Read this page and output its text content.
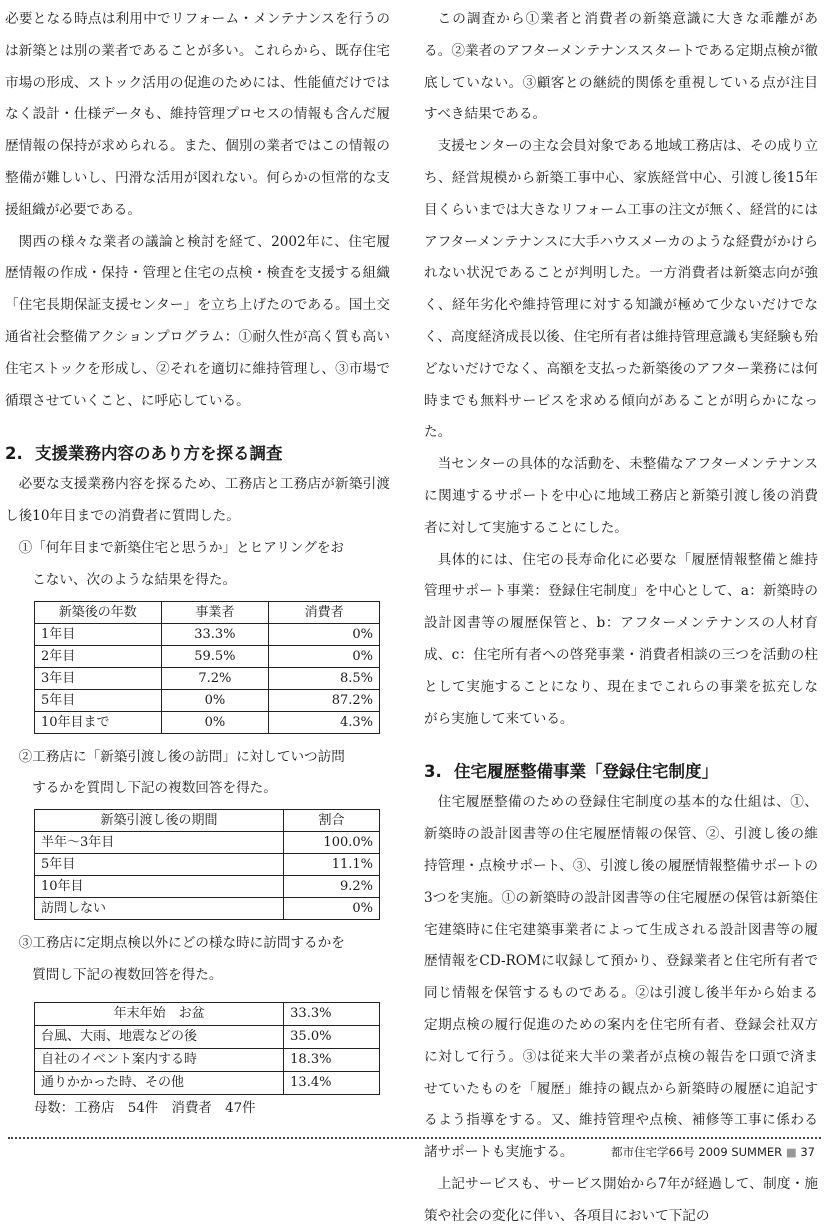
必要となる時点は利用中でリフォーム・メンテナンスを行うのは新築とは別の業者であることが多い。これらから、既存住宅市場の形成、ストック活用の促進のためには、性能値だけではなく設計・仕様データも、維持管理プロセスの情報も含んだ履歴情報の保持が求められる。また、個別の業者ではこの情報の整備が難しいし、円滑な活用が図れない。何らかの恒常的な支援組織が必要である。

関西の様々な業者の議論と検討を経て、2002年に、住宅履歴情報の作成・保持・管理と住宅の点検・検査を支援する組織「住宅長期保証支援センター」を立ち上げたのである。国土交通省社会整備アクションプログラム：①耐久性が高く質も高い住宅ストックを形成し、②それを適切に維持管理し、③市場で循環させていくこと、に呼応している。

2. 支援業務内容のあり方を探る調査

必要な支援業務内容を探るため、工務店と工務店が新築引渡し後10年目までの消費者に質問した。

①「何年目まで新築住宅と思うか」とヒアリングをお
こない、次のような結果を得た。
新築後の年数	事業者	消費者
1年目	33.3%	0%
2年目	59.5%	0%
3年目	7.2%	8.5%
5年目	0%	87.2%
10年目まで	0%	4.3%
②工務店に「新築引渡し後の訪問」に対していつ訪問
するかを質問し下記の複数回答を得た。
新築引渡し後の期間	割合
半年～3年目	100.0%
5年目	11.1%
10年目	9.2%
訪問しない	0%
③工務店に定期点検以外にどの様な時に訪問するかを
質問し下記の複数回答を得た。
年末年始　お盆	33.3%
台風、大雨、地震などの後	35.0%
自社のイベント案内する時	18.3%
通りかかった時、その他	13.4%
母数：工務店　54件　消費者　47件

この調査から①業者と消費者の新築意識に大きな乖離がある。②業者のアフターメンテナンススタートである定期点検が徹底していない。③顧客との継続的関係を重視している点が注目すべき結果である。

支援センターの主な会員対象である地域工務店は、その成り立ち、経営規模から新築工事中心、家族経営中心、引渡し後15年目くらいまでは大きなリフォーム工事の注文が無く、経営的にはアフターメンテナンスに大手ハウスメーカのような経費がかけられない状況であることが判明した。一方消費者は新築志向が強く、経年劣化や維持管理に対する知識が極めて少ないだけでなく、高度経済成長以後、住宅所有者は維持管理意識も実経験も殆どないだけでなく、高額を支払った新築後のアフター業務には何時までも無料サービスを求める傾向があることが明らかになった。

当センターの具体的な活動を、未整備なアフターメンテナンスに関連するサポートを中心に地域工務店と新築引渡し後の消費者に対して実施することにした。

具体的には、住宅の長寿命化に必要な「履歴情報整備と維持管理サポート事業：登録住宅制度」を中心として、a：新築時の設計図書等の履歴保管と、b：アフターメンテナンスの人材育成、c：住宅所有者への啓発事業・消費者相談の三つを活動の柱として実施することになり、現在までこれらの事業を拡充しながら実施して来ている。

3. 住宅履歴整備事業「登録住宅制度」

住宅履歴整備のための登録住宅制度の基本的な仕組は、①、新築時の設計図書等の住宅履歴情報の保管、②、引渡し後の維持管理・点検サポート、③、引渡し後の履歴情報整備サポートの3つを実施。①の新築時の設計図書等の住宅履歴の保管は新築住宅建築時に住宅建築事業者によって生成される設計図書等の履歴情報をCD-ROMに収録して預かり、登録業者と住宅所有者で同じ情報を保管するものである。②は引渡し後半年から始まる定期点検の履行促進のための案内を住宅所有者、登録会社双方に対して行う。③は従来大半の業者が点検の報告を口頭で済ませていたものを「履歴」維持の観点から新築時の履歴に追記するよう指導をする。又、維持管理や点検、補修等工事に係わる諸サポートも実施する。

上記サービスも、サービス開始から7年が経過して、制度・施策や社会の変化に伴い、各項目において下記の

都市住宅学66号 2009 SUMMER ■ 37
